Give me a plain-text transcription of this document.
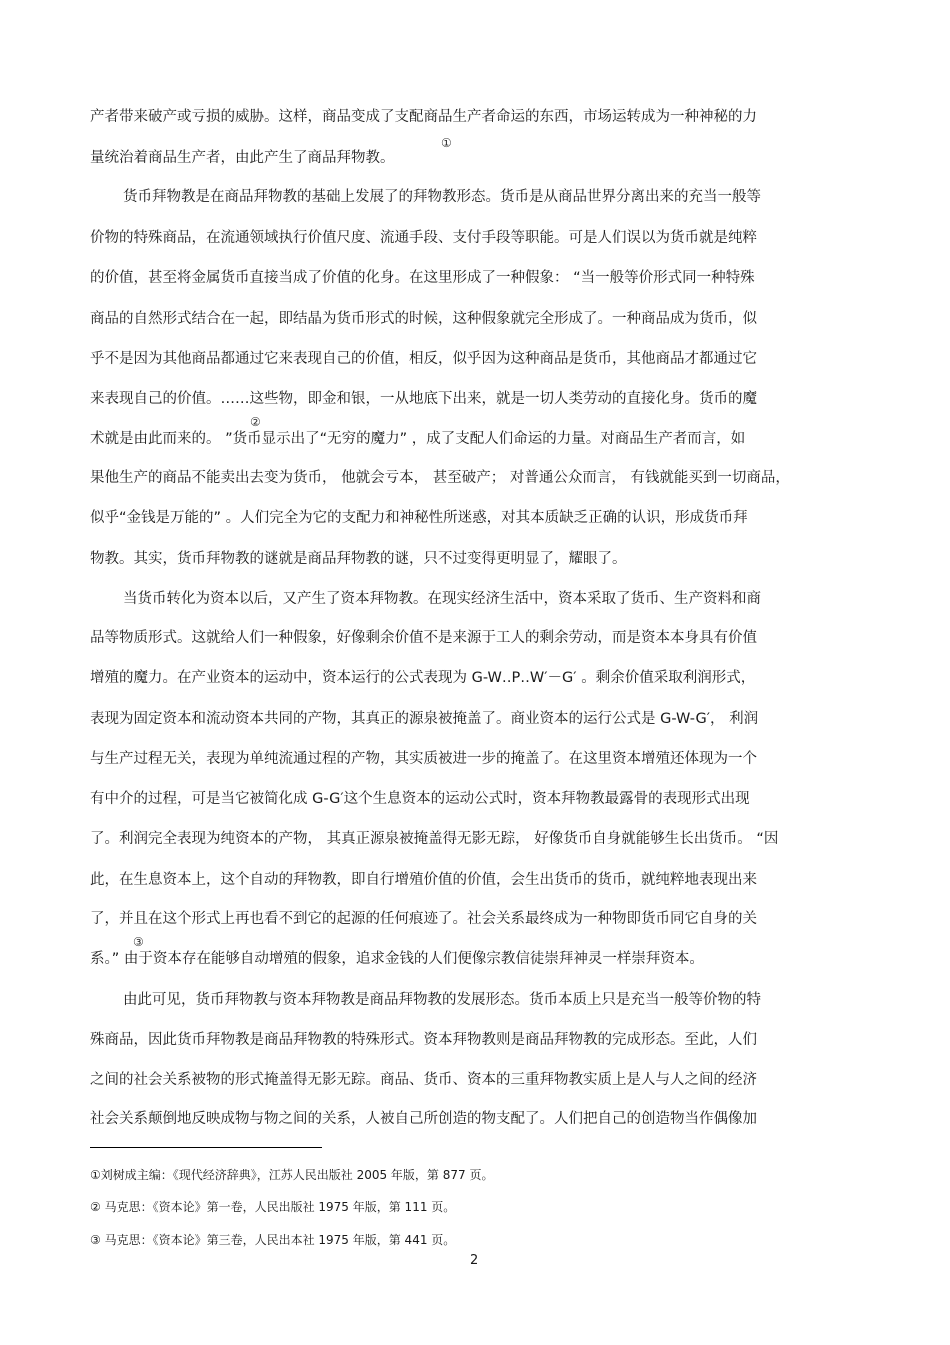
产者带来破产或亏损的威胁。这样，商品变成了支配商品生产者命运的东西，市场运转成为一种神秘的力
量统治着商品生产者，由此产生了商品拜物教。
①
货币拜物教是在商品拜物教的基础上发展了的拜物教形态。货币是从商品世界分离出来的充当一般等
价物的特殊商品，在流通领域执行价值尺度、流通手段、支付手段等职能。可是人们误以为货币就是纯粹
的价值，甚至将金属货币直接当成了价值的化身。在这里形成了一种假象： “当一般等价形式同一种特殊
商品的自然形式结合在一起，即结晶为货币形式的时候，这种假象就完全形成了。一种商品成为货币，似
乎不是因为其他商品都通过它来表现自己的价值，相反，似乎因为这种商品是货币，其他商品才都通过它
来表现自己的价值。……这些物，即金和银，一从地底下出来，就是一切人类劳动的直接化身。货币的魔
②
术就是由此而来的。 ”货币显示出了“无穷的魔力” ，成了支配人们命运的力量。对商品生产者而言，如
果他生产的商品不能卖出去变为货币， 他就会亏本， 甚至破产； 对普通公众而言， 有钱就能买到一切商品，
似乎“金钱是万能的” 。人们完全为它的支配力和神秘性所迷惑，对其本质缺乏正确的认识，形成货币拜
物教。其实，货币拜物教的谜就是商品拜物教的谜，只不过变得更明显了，耀眼了。
当货币转化为资本以后，又产生了资本拜物教。在现实经济生活中，资本采取了货币、生产资料和商
品等物质形式。这就给人们一种假象，好像剩余价值不是来源于工人的剩余劳动，而是资本本身具有价值
增殖的魔力。在产业资本的运动中，资本运行的公式表现为 G-W‥P‥W′－G′ 。剩余价值采取利润形式，
表现为固定资本和流动资本共同的产物，其真正的源泉被掩盖了。商业资本的运行公式是 G-W-G′， 利润
与生产过程无关，表现为单纯流通过程的产物，其实质被进一步的掩盖了。在这里资本增殖还体现为一个
有中介的过程，可是当它被简化成 G-G′这个生息资本的运动公式时，资本拜物教最露骨的表现形式出现
了。利润完全表现为纯资本的产物， 其真正源泉被掩盖得无影无踪， 好像货币自身就能够生长出货币。 “因
此，在生息资本上，这个自动的拜物教，即自行增殖价值的价值，会生出货币的货币，就纯粹地表现出来
了，并且在这个形式上再也看不到它的起源的任何痕迹了。社会关系最终成为一种物即货币同它自身的关
③
系。” 由于资本存在能够自动增殖的假象，追求金钱的人们便像宗教信徒崇拜神灵一样崇拜资本。
由此可见，货币拜物教与资本拜物教是商品拜物教的发展形态。货币本质上只是充当一般等价物的特
殊商品，因此货币拜物教是商品拜物教的特殊形式。资本拜物教则是商品拜物教的完成形态。至此，人们
之间的社会关系被物的形式掩盖得无影无踪。商品、货币、资本的三重拜物教实质上是人与人之间的经济
社会关系颠倒地反映成物与物之间的关系，人被自己所创造的物支配了。人们把自己的创造物当作偶像加
①刘树成主编：《现代经济辞典》，江苏人民出版社 2005 年版，第 877 页。
② 马克思：《资本论》第一卷，人民出版社 1975 年版，第 111 页。
③ 马克思：《资本论》第三卷，人民出本社 1975 年版，第 441 页。
2
